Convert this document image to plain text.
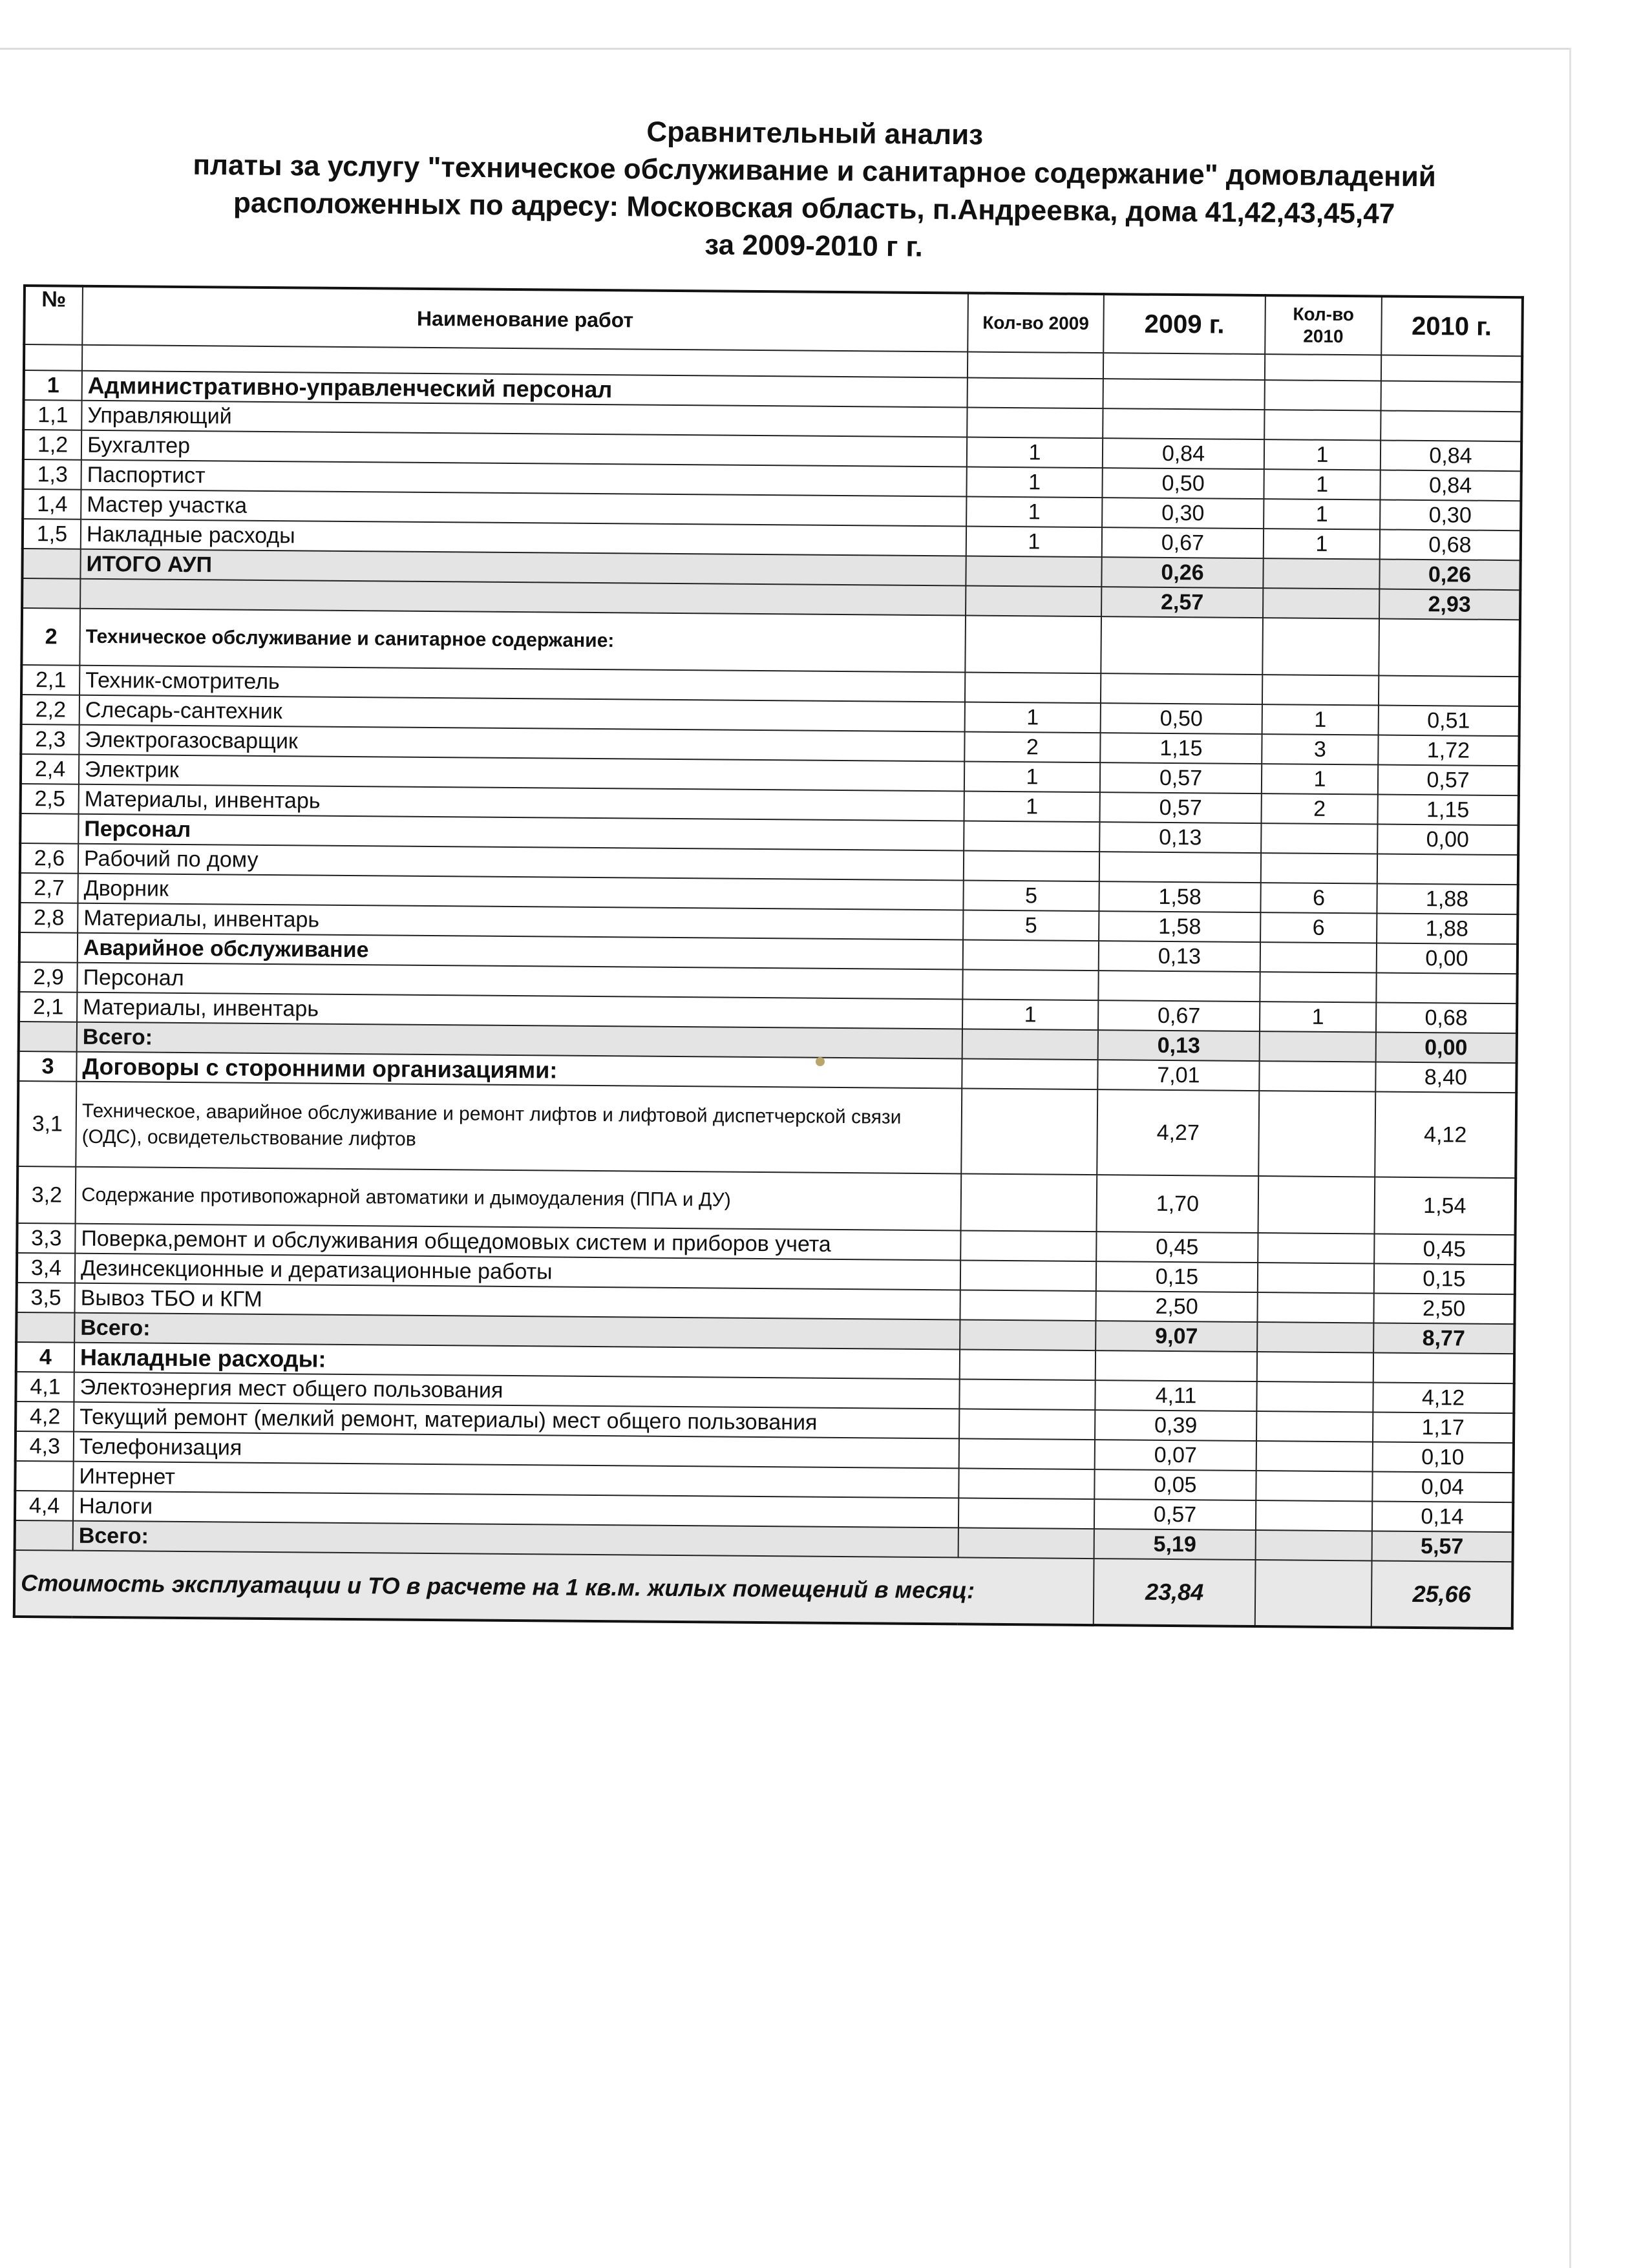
Сравнительный анализ
платы за услугу "техническое обслуживание и санитарное содержание" домовладений
расположенных по адресу: Московская область, п.Андреевка, дома 41,42,43,45,47
за 2009-2010 г г.
№	Наименование работ	Кол-во 2009	2009 г.	Кол-во 2010	2010 г.

1	Административно-управленческий персонал				
1,1	Управляющий				
1,2	Бухгалтер	1	0,84	1	0,84
1,3	Паспортист	1	0,50	1	0,84
1,4	Мастер участка	1	0,30	1	0,30
1,5	Накладные расходы	1	0,67	1	0,68
	ИТОГО АУП		0,26		0,26
			2,57		2,93
2	Техническое обслуживание и санитарное содержание:				
2,1	Техник-смотритель				
2,2	Слесарь-сантехник	1	0,50	1	0,51
2,3	Электрогазосварщик	2	1,15	3	1,72
2,4	Электрик	1	0,57	1	0,57
2,5	Материалы, инвентарь	1	0,57	2	1,15
	Персонал		0,13		0,00
2,6	Рабочий по дому				
2,7	Дворник	5	1,58	6	1,88
2,8	Материалы, инвентарь	5	1,58	6	1,88
	Аварийное обслуживание		0,13		0,00
2,9	Персонал				
2,1	Материалы, инвентарь	1	0,67	1	0,68
	Всего:		0,13		0,00
3	Договоры с сторонними организациями:		7,01		8,40
3,1	Техническое, аварийное обслуживание и ремонт лифтов и лифтовой диспетчерской связи (ОДС), освидетельствование лифтов		4,27		4,12
3,2	Содержание противопожарной автоматики и дымоудаления (ППА и ДУ)		1,70		1,54
3,3	Поверка,ремонт и обслуживания общедомовых систем и приборов учета		0,45		0,45
3,4	Дезинсекционные и дератизационные работы		0,15		0,15
3,5	Вывоз ТБО и КГМ		2,50		2,50
	Всего:		9,07		8,77
4	Накладные расходы:				
4,1	Электоэнергия мест общего пользования		4,11		4,12
4,2	Текущий ремонт (мелкий ремонт, материалы) мест общего пользования		0,39		1,17
4,3	Телефонизация		0,07		0,10
	Интернет		0,05		0,04
4,4	Налоги		0,57		0,14
	Всего:		5,19		5,57
Стоимость эксплуатации и ТО в расчете на 1 кв.м. жилых помещений в месяц:			23,84		25,66
